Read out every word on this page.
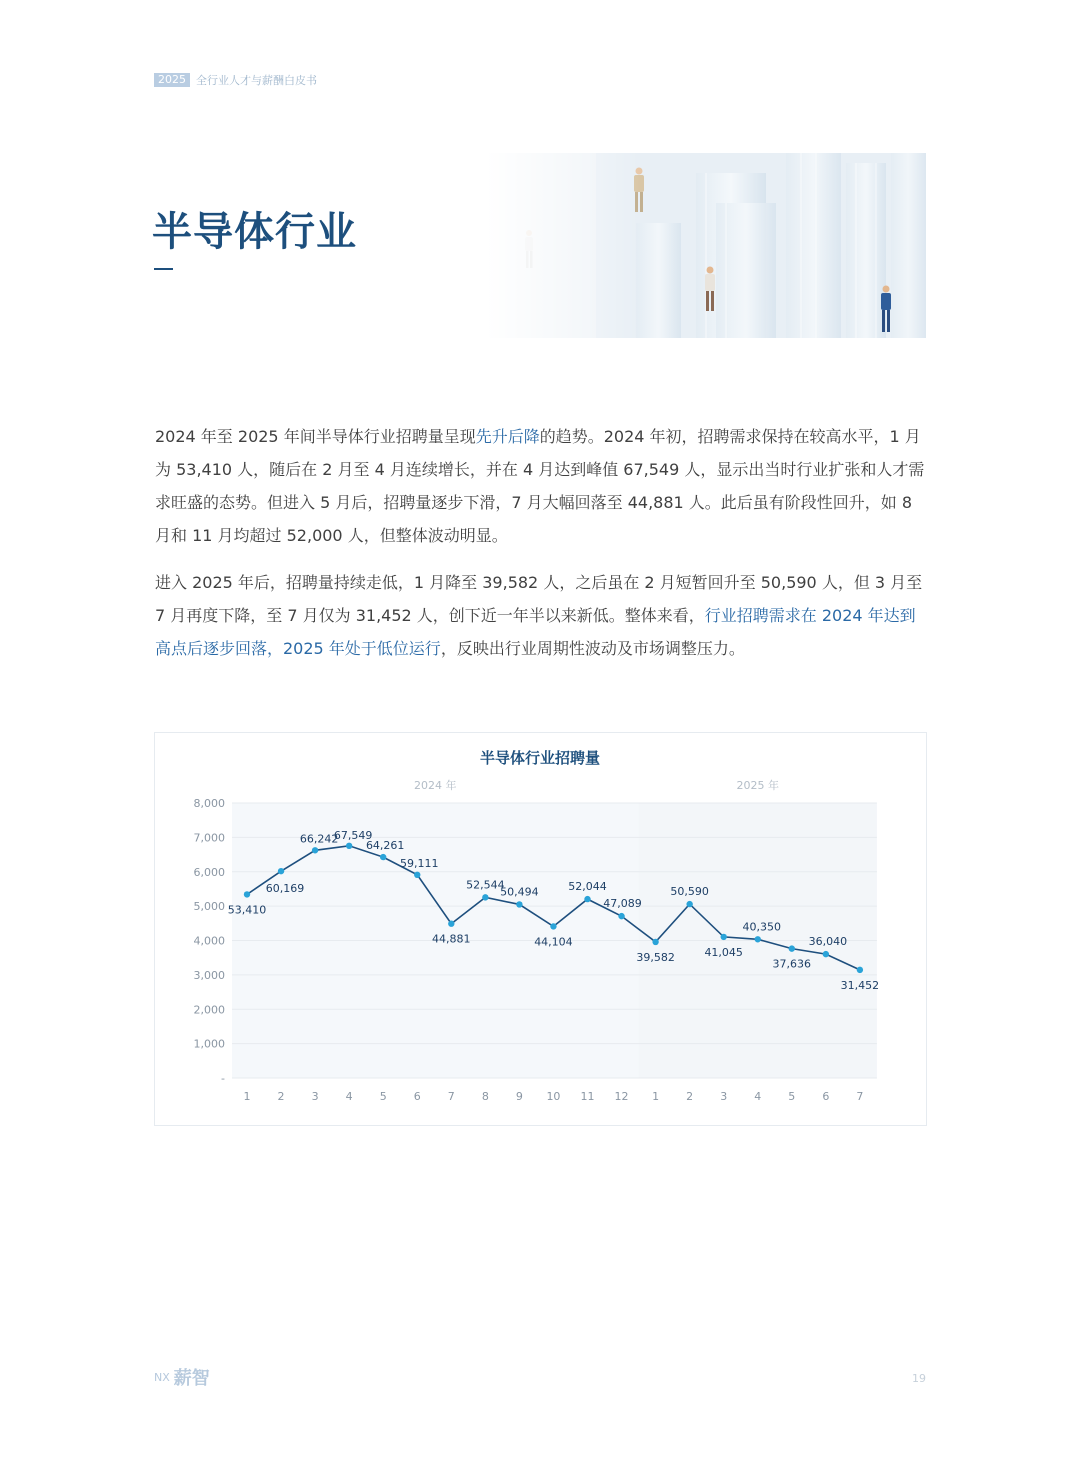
2025 全行业人才与薪酬白皮书
半导体行业
2024 年至 2025 年间半导体行业招聘量呈现先升后降的趋势。2024 年初，招聘需求保持在较高水平，1 月为 53,410 人，随后在 2 月至 4 月连续增长，并在 4 月达到峰值 67,549 人，显示出当时行业扩张和人才需求旺盛的态势。但进入 5 月后，招聘量逐步下滑，7 月大幅回落至 44,881 人。此后虽有阶段性回升，如 8 月和 11 月均超过 52,000 人，但整体波动明显。
进入 2025 年后，招聘量持续走低，1 月降至 39,582 人，之后虽在 2 月短暂回升至 50,590 人，但 3 月至 7 月再度下降，至 7 月仅为 31,452 人，创下近一年半以来新低。整体来看，行业招聘需求在 2024 年达到高点后逐步回落，2025 年处于低位运行，反映出行业周期性波动及市场调整压力。
-
1,000
2,000
3,000
4,000
5,000
6,000
7,000
8,000
半导体行业招聘量
2024 年	2025 年
1 2 3 4 5 6 7 8 9 10 11 12 1 2 3 4 5 6 7
53,410
60,169
66,242
67,549
64,261
59,111
44,881
52,544
50,494
44,104
52,044
47,089
39,582
50,590
41,045
40,350
37,636
36,040
31,452
NX 薪智	19
